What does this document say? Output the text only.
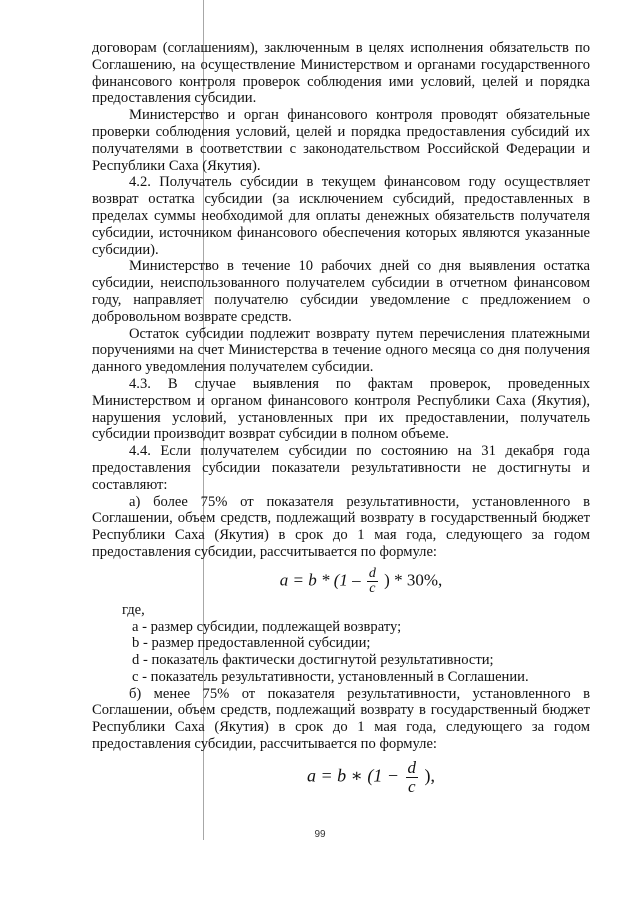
договорам (соглашениям), заключенным в целях исполнения обязательств по Соглашению, на осуществление Министерством и органами государственного финансового контроля проверок соблюдения ими условий, целей и порядка предоставления субсидии.

Министерство и орган финансового контроля проводят обязательные проверки соблюдения условий, целей и порядка предоставления субсидий их получателями в соответствии с законодательством Российской Федерации и Республики Саха (Якутия).

4.2. Получатель субсидии в текущем финансовом году осуществляет возврат остатка субсидии (за исключением субсидий, предоставленных в пределах суммы необходимой для оплаты денежных обязательств получателя субсидии, источником финансового обеспечения которых являются указанные субсидии).

Министерство в течение 10 рабочих дней со дня выявления остатка субсидии, неиспользованного получателем субсидии в отчетном финансовом году, направляет получателю субсидии уведомление с предложением о добровольном возврате средств.

Остаток субсидии подлежит возврату путем перечисления платежными поручениями на счет Министерства в течение одного месяца со дня получения данного уведомления получателем субсидии.

4.3. В случае выявления по фактам проверок, проведенных Министерством и органом финансового контроля Республики Саха (Якутия), нарушения условий, установленных при их предоставлении, получатель субсидии производит возврат субсидии в полном объеме.

4.4. Если получателем субсидии по состоянию на 31 декабря года предоставления субсидии показатели результативности не достигнуты и составляют:

а) более 75% от показателя результативности, установленного в Соглашении, объем средств, подлежащий возврату в государственный бюджет Республики Саха (Якутия) в срок до 1 мая года, следующего за годом предоставления субсидии, рассчитывается по формуле:

$a = b * (1 - \frac{d}{c}$ ) * 30%,

где,

a - размер субсидии, подлежащей возврату;

b - размер предоставленной субсидии;

d - показатель фактически достигнутой результативности;

c - показатель результативности, установленный в Соглашении.

б) менее 75% от показателя результативности, установленного в Соглашении, объем средств, подлежащий возврату в государственный бюджет Республики Саха (Якутия) в срок до 1 мая года, следующего за годом предоставления субсидии, рассчитывается по формуле:

a = b ∗ ($1 - \frac{d}{c}$ ),
99
